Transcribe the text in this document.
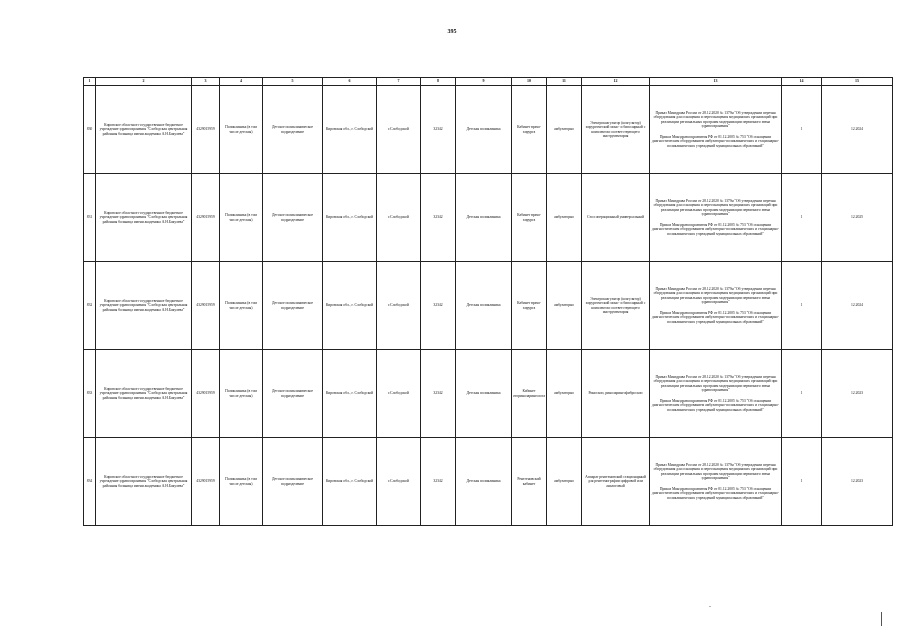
395
1	2	3	4	5	6	7	8	9	10	11	12	13	14	15
830	Кировское областное государственное бюджетное учреждение здравоохранения "Слободская центральная районная больница имени академика А.Н.Бакулева"	4329015959	Поликлиника (в том числе детская)	Детское поликлиническое подразделение	Кировская обл., г. Слободской	г.Слободской	32342	Детская поликлиника	Кабинет врача-хирурга	амбулаторно	Электрокоагулятор (коагулятор) хирургический моно- и биполярный с комплектом соответствующего инструментария	Приказ Минздрава России от 28.12.2020 № 1379н "Об утверждении перечня оборудования для оснащения и переоснащения медицинских организаций при реализации региональных программ модернизации первичного звена здравоохранения"

Приказ Минздравсоцразвития РФ от 01.12.2005 № 753 "Об оснащении диагностическим оборудованием амбулаторно-поликлинических и стационарно-поликлинических учреждений муниципальных образований"	1	12.2024
831	Кировское областное государственное бюджетное учреждение здравоохранения "Слободская центральная районная больница имени академика А.Н.Бакулева"	4329015959	Поликлиника (в том числе детская)	Детское поликлиническое подразделение	Кировская обл., г. Слободской	г.Слободской	32342	Детская поликлиника	Кабинет врача-хирурга	амбулаторно	Стол операционный универсальный	Приказ Минздрава России от 28.12.2020 № 1379н "Об утверждении перечня оборудования для оснащения и переоснащения медицинских организаций при реализации региональных программ модернизации первичного звена здравоохранения"

Приказ Минздравсоцразвития РФ от 01.12.2005 № 753 "Об оснащении диагностическим оборудованием амбулаторно-поликлинических и стационарно-поликлинических учреждений муниципальных образований"	1	12.2025
832	Кировское областное государственное бюджетное учреждение здравоохранения "Слободская центральная районная больница имени академика А.Н.Бакулева"	4329015959	Поликлиника (в том числе детская)	Детское поликлиническое подразделение	Кировская обл., г. Слободской	г.Слободской	32342	Детская поликлиника	Кабинет врача-хирурга	амбулаторно	Электрокоагулятор (коагулятор) хирургический моно- и биполярный с комплектом соответствующего инструментария	Приказ Минздрава России от 28.12.2020 № 1379н "Об утверждении перечня оборудования для оснащения и переоснащения медицинских организаций при реализации региональных программ модернизации первичного звена здравоохранения"

Приказ Минздравсоцразвития РФ от 01.12.2005 № 753 "Об оснащении диагностическим оборудованием амбулаторно-поликлинических и стационарно-поликлинических учреждений муниципальных образований"	1	12.2024
833	Кировское областное государственное бюджетное учреждение здравоохранения "Слободская центральная районная больница имени академика А.Н.Бакулева"	4329015959	Поликлиника (в том числе детская)	Детское поликлиническое подразделение	Кировская обл., г. Слободской	г.Слободской	32342	Детская поликлиника	Кабинет оториноларинголога	амбулаторно	Риноскоп, риноларингофиброскоп	Приказ Минздрава России от 28.12.2020 № 1379н "Об утверждении перечня оборудования для оснащения и переоснащения медицинских организаций при реализации региональных программ модернизации первичного звена здравоохранения"

Приказ Минздравсоцразвития РФ от 01.12.2005 № 753 "Об оснащении диагностическим оборудованием амбулаторно-поликлинических и стационарно-поликлинических учреждений муниципальных образований"	1	12.2023
834	Кировское областное государственное бюджетное учреждение здравоохранения "Слободская центральная районная больница имени академика А.Н.Бакулева"	4329015959	Поликлиника (в том числе детская)	Детское поликлиническое подразделение	Кировская обл., г. Слободской	г.Слободской	32342	Детская поликлиника	Рентгеновский кабинет	амбулаторно	Аппарат рентгеновский стационарный для рентгенографии цифровой или аналоговый	Приказ Минздрава России от 28.12.2020 № 1379н "Об утверждении перечня оборудования для оснащения и переоснащения медицинских организаций при реализации региональных программ модернизации первичного звена здравоохранения"

Приказ Минздравсоцразвития РФ от 01.12.2005 № 753 "Об оснащении диагностическим оборудованием амбулаторно-поликлинических и стационарно-поликлинических учреждений муниципальных образований"	1	12.2023
-
